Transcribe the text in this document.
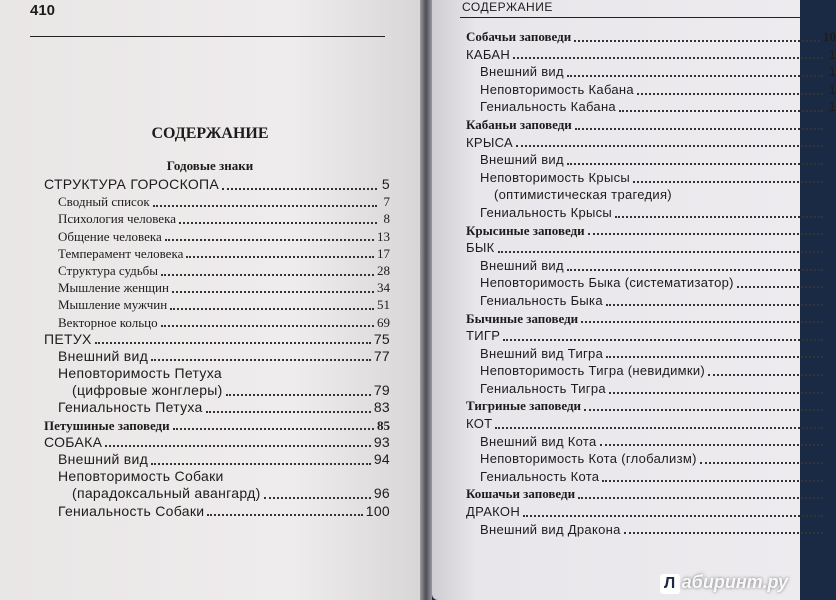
410
СОДЕРЖАНИЕ
Годовые знаки
СТРУКТУРА ГОРОСКОПА	5
Сводный список	7
Психология человека	8
Общение человека	13
Темперамент человека	17
Структура судьбы	28
Мышление женщин	34
Мышление мужчин	51
Векторное кольцо	69
ПЕТУХ	75
Внешний вид	77
Неповторимость Петуха
(цифровые жонглеры)	79
Гениальность Петуха	83
Петушиные заповеди	85
СОБАКА	93
Внешний вид	94
Неповторимость Собаки
(парадоксальный авангард)	96
Гениальность Собаки	100
СОДЕРЖАНИЕ
Собачьи заповеди	10
КАБАН	1
Внешний вид	1
Неповторимость Кабана	1
Гениальность Кабана	1
Кабаньи заповеди
КРЫСА
Внешний вид
Неповторимость Крысы
(оптимистическая трагедия)
Гениальность Крысы
Крысиные заповеди
БЫК
Внешний вид
Неповторимость Быка (систематизатор)
Гениальность Быка
Бычиные заповеди
ТИГР
Внешний вид Тигра
Неповторимость Тигра (невидимки)
Гениальность Тигра
Тигриные заповеди
КОТ
Внешний вид Кота
Неповторимость Кота (глобализм)
Гениальность Кота
Кошачьи заповеди
ДРАКОН
Внешний вид Дракона
Л абиринт.ру
